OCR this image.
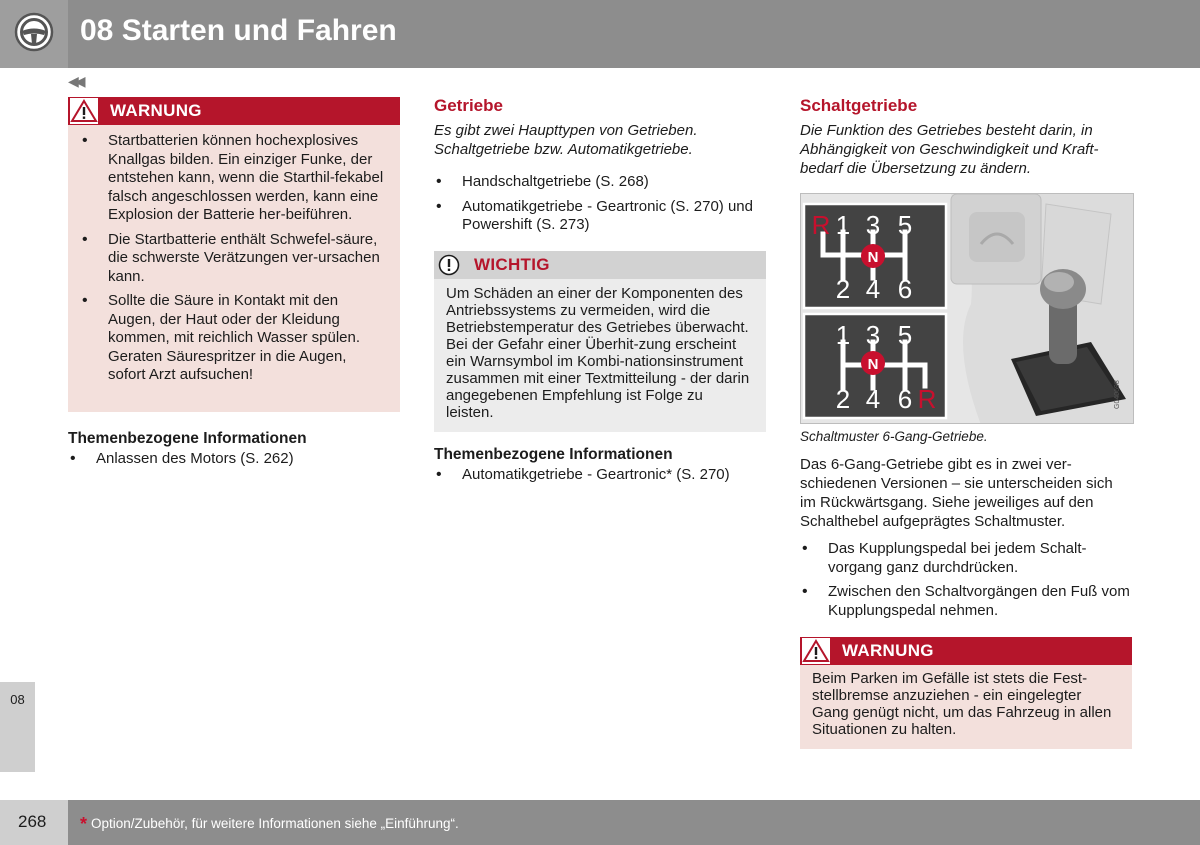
08 Starten und Fahren
◀◀
08
WARNUNG
• Startbatterien können hochexplosives Knallgas bilden. Ein einziger Funke, der entstehen kann, wenn die Starthil-fekabel falsch angeschlossen werden, kann eine Explosion der Batterie her-beiführen.
• Die Startbatterie enthält Schwefel-säure, die schwerste Verätzungen ver-ursachen kann.
• Sollte die Säure in Kontakt mit den Augen, der Haut oder der Kleidung kommen, mit reichlich Wasser spülen. Geraten Säurespritzer in die Augen, sofort Arzt aufsuchen!
Themenbezogene Informationen
• Anlassen des Motors (S. 262)
Getriebe
Es gibt zwei Haupttypen von Getrieben. Schaltgetriebe bzw. Automatikgetriebe.
• Handschaltgetriebe (S. 268)
• Automatikgetriebe - Geartronic (S. 270) und Powershift (S. 273)
WICHTIG
Um Schäden an einer der Komponenten des Antriebssystems zu vermeiden, wird die Betriebstemperatur des Getriebes überwacht. Bei der Gefahr einer Überhit-zung erscheint ein Warnsymbol im Kombi-nationsinstrument zusammen mit einer Textmitteilung - der darin angegebenen Empfehlung ist Folge zu leisten.
Themenbezogene Informationen
• Automatikgetriebe - Geartronic* (S. 270)
Schaltgetriebe
Die Funktion des Getriebes besteht darin, in Abhängigkeit von Geschwindigkeit und Kraft-bedarf die Übersetzung zu ändern.
G040698
R 1 3 5
2 4 6
N
1 3 5
2 4 6 R
N
Schaltmuster 6-Gang-Getriebe.
Das 6-Gang-Getriebe gibt es in zwei ver-schiedenen Versionen – sie unterscheiden sich im Rückwärtsgang. Siehe jeweiliges auf den Schalthebel aufgeprägtes Schaltmuster.
• Das Kupplungspedal bei jedem Schalt-vorgang ganz durchdrücken.
• Zwischen den Schaltvorgängen den Fuß vom Kupplungspedal nehmen.
WARNUNG
Beim Parken im Gefälle ist stets die Fest-stellbremse anzuziehen - ein eingelegter Gang genügt nicht, um das Fahrzeug in allen Situationen zu halten.
268 * Option/Zubehör, für weitere Informationen siehe „Einführung“.
